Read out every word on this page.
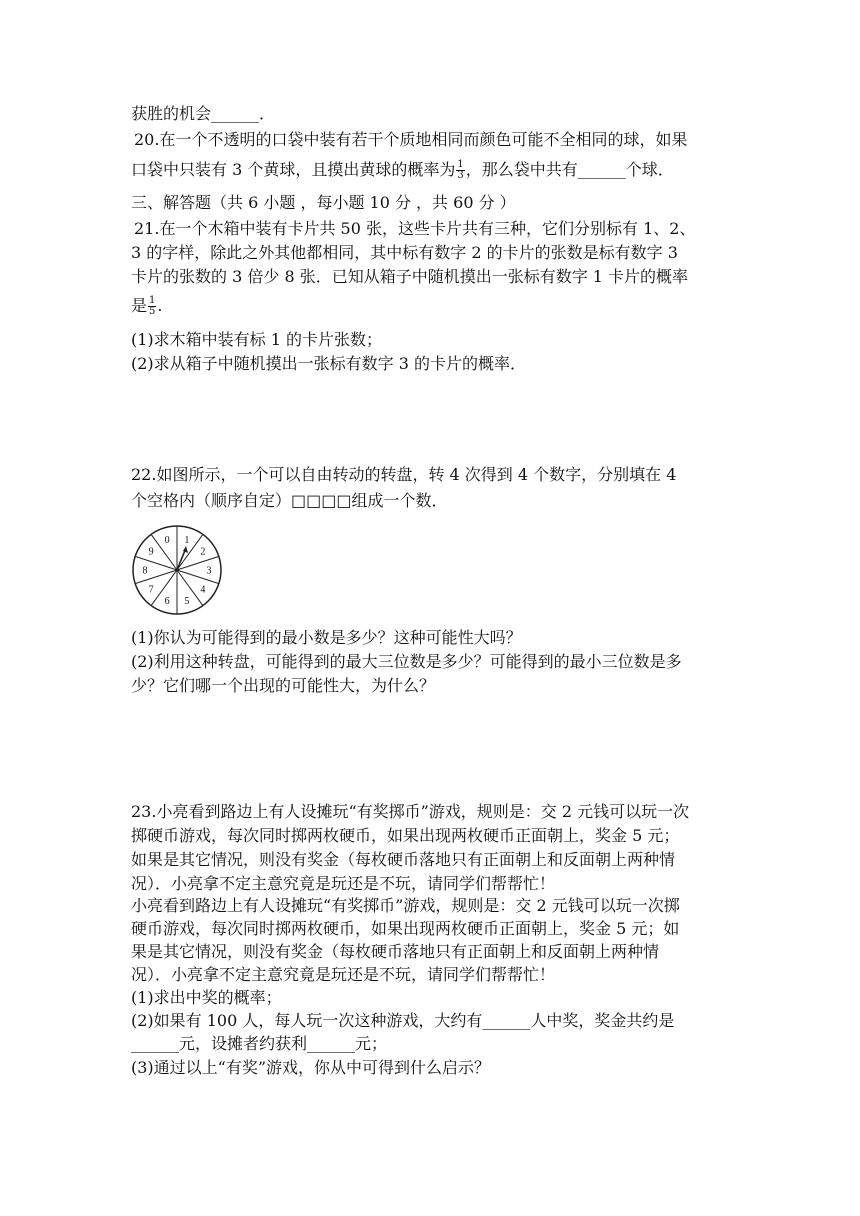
获胜的机会______．
20.在一个不透明的口袋中装有若干个质地相同而颜色可能不全相同的球，如果
口袋中只装有 3 个黄球，且摸出黄球的概率为 $\frac{1}{3}$ ，那么袋中共有______个球．
三、解答题（共 6 小题 ，每小题 10 分 ，共 60 分 ）
21.在一个木箱中装有卡片共 50 张，这些卡片共有三种，它们分别标有 1、2、
3 的字样，除此之外其他都相同，其中标有数字 2 的卡片的张数是标有数字 3
卡片的张数的 3 倍少 8 张．已知从箱子中随机摸出一张标有数字 1 卡片的概率
是 $\frac{1}{5}$ .
(1)求木箱中装有标 1 的卡片张数；
(2)求从箱子中随机摸出一张标有数字 3 的卡片的概率．
22.如图所示，一个可以自由转动的转盘，转 4 次得到 4 个数字，分别填在 4
个空格内（顺序自定）□□□□组成一个数．
0 1
2
3
4
5
6
7
8
9
(1)你认为可能得到的最小数是多少？这种可能性大吗？
(2)利用这种转盘，可能得到的最大三位数是多少？可能得到的最小三位数是多
少？它们哪一个出现的可能性大，为什么？
23.小亮看到路边上有人设摊玩“有奖掷币”游戏，规则是：交 2 元钱可以玩一次
掷硬币游戏，每次同时掷两枚硬币，如果出现两枚硬币正面朝上，奖金 5 元；
如果是其它情况，则没有奖金（每枚硬币落地只有正面朝上和反面朝上两种情
况）．小亮拿不定主意究竟是玩还是不玩，请同学们帮帮忙！
小亮看到路边上有人设摊玩“有奖掷币”游戏，规则是：交 2 元钱可以玩一次掷
硬币游戏，每次同时掷两枚硬币，如果出现两枚硬币正面朝上，奖金 5 元；如
果是其它情况，则没有奖金（每枚硬币落地只有正面朝上和反面朝上两种情
况）．小亮拿不定主意究竟是玩还是不玩，请同学们帮帮忙！
(1)求出中奖的概率；
(2)如果有 100 人，每人玩一次这种游戏，大约有______人中奖，奖金共约是
______元，设摊者约获利______元；
(3)通过以上“有奖”游戏，你从中可得到什么启示？
